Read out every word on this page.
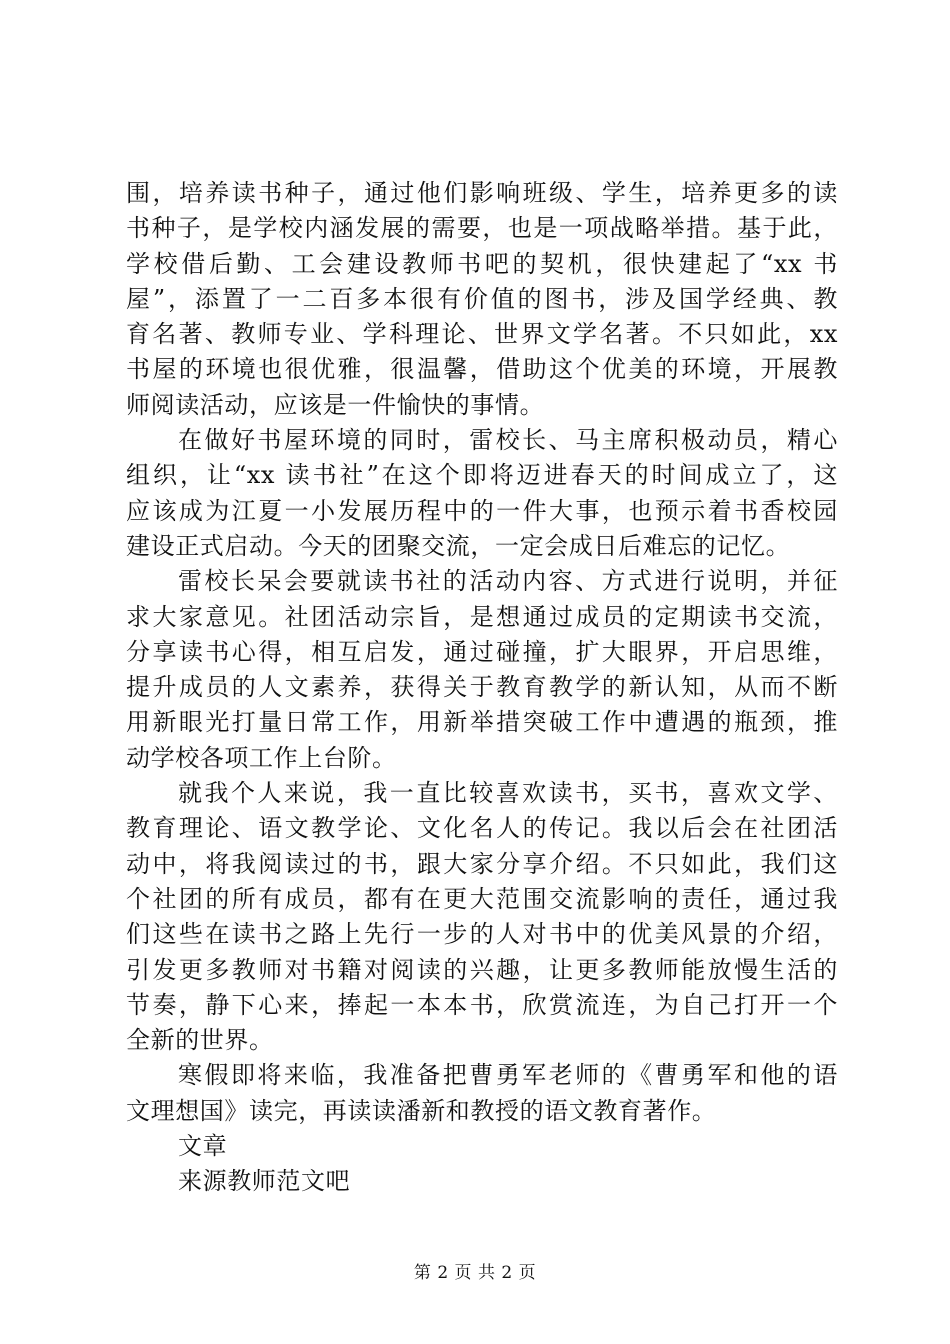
围，培养读书种子，通过他们影响班级、学生，培养更多的读
书种子，是学校内涵发展的需要，也是一项战略举措。基于此，
学校借后勤、工会建设教师书吧的契机，很快建起了“xx 书
屋”，添置了一二百多本很有价值的图书，涉及国学经典、教
育名著、教师专业、学科理论、世界文学名著。不只如此，xx
书屋的环境也很优雅，很温馨，借助这个优美的环境，开展教
师阅读活动，应该是一件愉快的事情。
在做好书屋环境的同时，雷校长、马主席积极动员，精心
组织，让“xx 读书社”在这个即将迈进春天的时间成立了，这
应该成为江夏一小发展历程中的一件大事，也预示着书香校园
建设正式启动。今天的团聚交流，一定会成日后难忘的记忆。
雷校长呆会要就读书社的活动内容、方式进行说明，并征
求大家意见。社团活动宗旨，是想通过成员的定期读书交流，
分享读书心得，相互启发，通过碰撞，扩大眼界，开启思维，
提升成员的人文素养，获得关于教育教学的新认知，从而不断
用新眼光打量日常工作，用新举措突破工作中遭遇的瓶颈，推
动学校各项工作上台阶。
就我个人来说，我一直比较喜欢读书，买书，喜欢文学、
教育理论、语文教学论、文化名人的传记。我以后会在社团活
动中，将我阅读过的书，跟大家分享介绍。不只如此，我们这
个社团的所有成员，都有在更大范围交流影响的责任，通过我
们这些在读书之路上先行一步的人对书中的优美风景的介绍，
引发更多教师对书籍对阅读的兴趣，让更多教师能放慢生活的
节奏，静下心来，捧起一本本书，欣赏流连，为自己打开一个
全新的世界。
寒假即将来临，我准备把曹勇军老师的《曹勇军和他的语
文理想国》读完，再读读潘新和教授的语文教育著作。
文章
来源教师范文吧
第 2 页 共 2 页
